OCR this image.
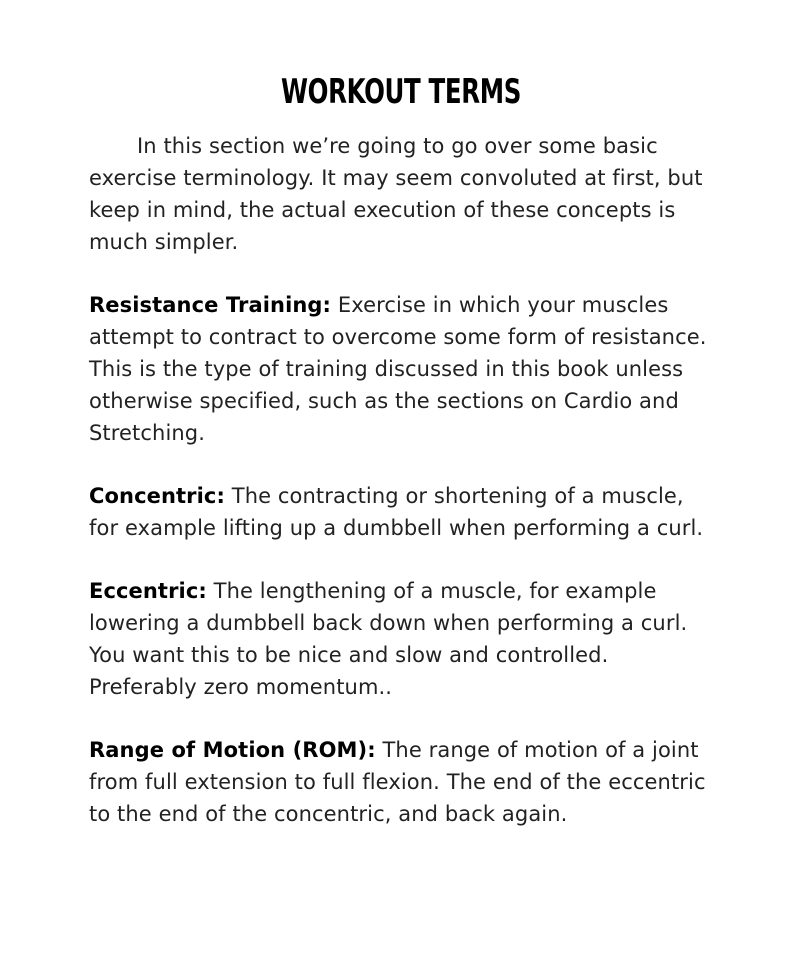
WORKOUT TERMS

In this section we’re going to go over some basic exercise terminology. It may seem convoluted at first, but keep in mind, the actual execution of these concepts is much simpler.

Resistance Training: Exercise in which your muscles attempt to contract to overcome some form of resistance. This is the type of training discussed in this book unless otherwise specified, such as the sections on Cardio and Stretching.

Concentric: The contracting or shortening of a muscle, for example lifting up a dumbbell when performing a curl.

Eccentric: The lengthening of a muscle, for example lowering a dumbbell back down when performing a curl. You want this to be nice and slow and controlled. Preferably zero momentum..

Range of Motion (ROM): The range of motion of a joint from full extension to full flexion. The end of the eccentric to the end of the concentric, and back again.
